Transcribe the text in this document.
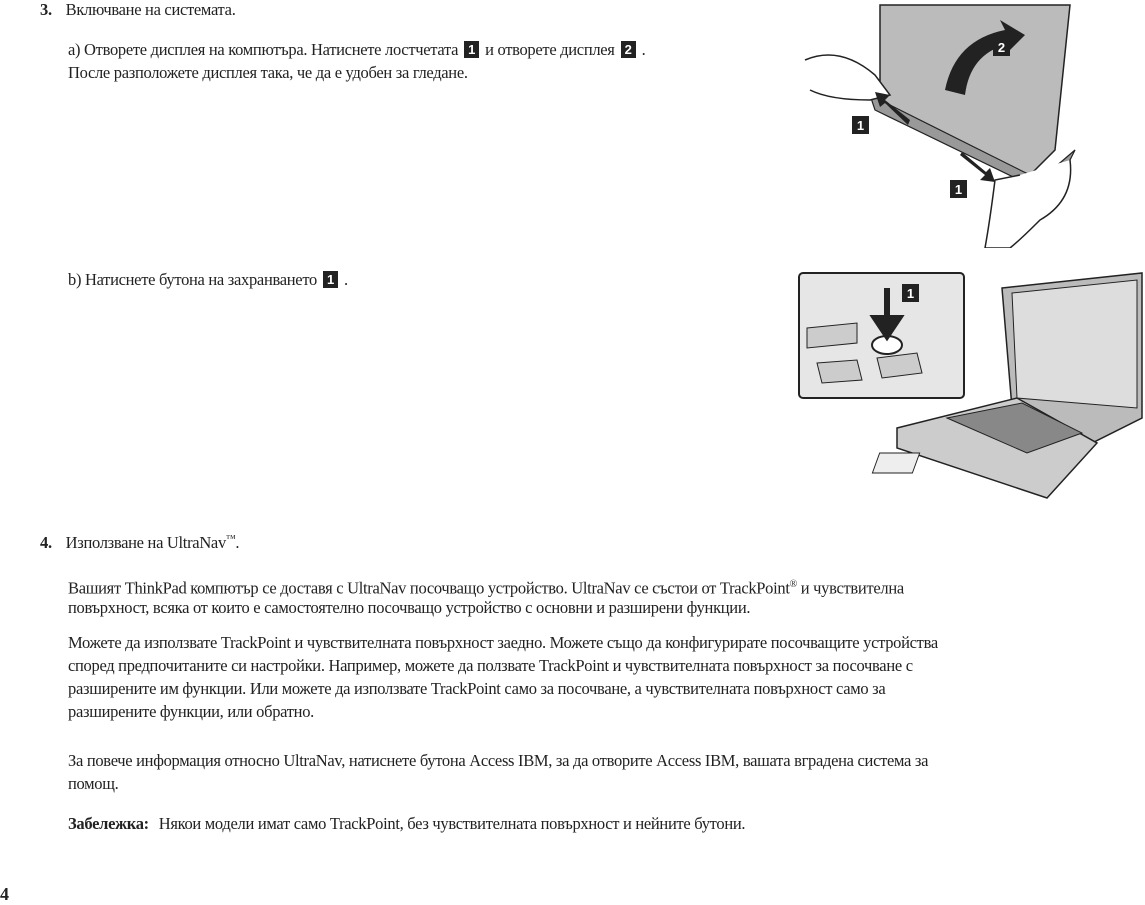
3. Включване на системата.
a) Отворете дисплея на компютъра. Натиснете лостчетата 1 и отворете дисплея 2 .
После разположете дисплея така, че да е удобен за гледане.
b) Натиснете бутона на захранването 1 .
2
1
1
1
4. Използване на UltraNav™.
Вашият ThinkPad компютър се доставя с UltraNav посочващо устройство. UltraNav се състои от TrackPoint® и чувствителна
повърхност, всяка от които е самостоятелно посочващо устройство с основни и разширени функции.
Можете да използвате TrackPoint и чувствителната повърхност заедно. Можете също да конфигурирате посочващите устройства
според предпочитаните си настройки. Например, можете да ползвате TrackPoint и чувствителната повърхност за посочване с
разширените им функции. Или можете да използвате TrackPoint само за посочване, а чувствителната повърхност само за
разширените функции, или обратно.
За повече информация относно UltraNav, натиснете бутона Access IBM, за да отворите Access IBM, вашата вградена система за
помощ.
Забележка: Някои модели имат само TrackPoint, без чувствителната повърхност и нейните бутони.
4
